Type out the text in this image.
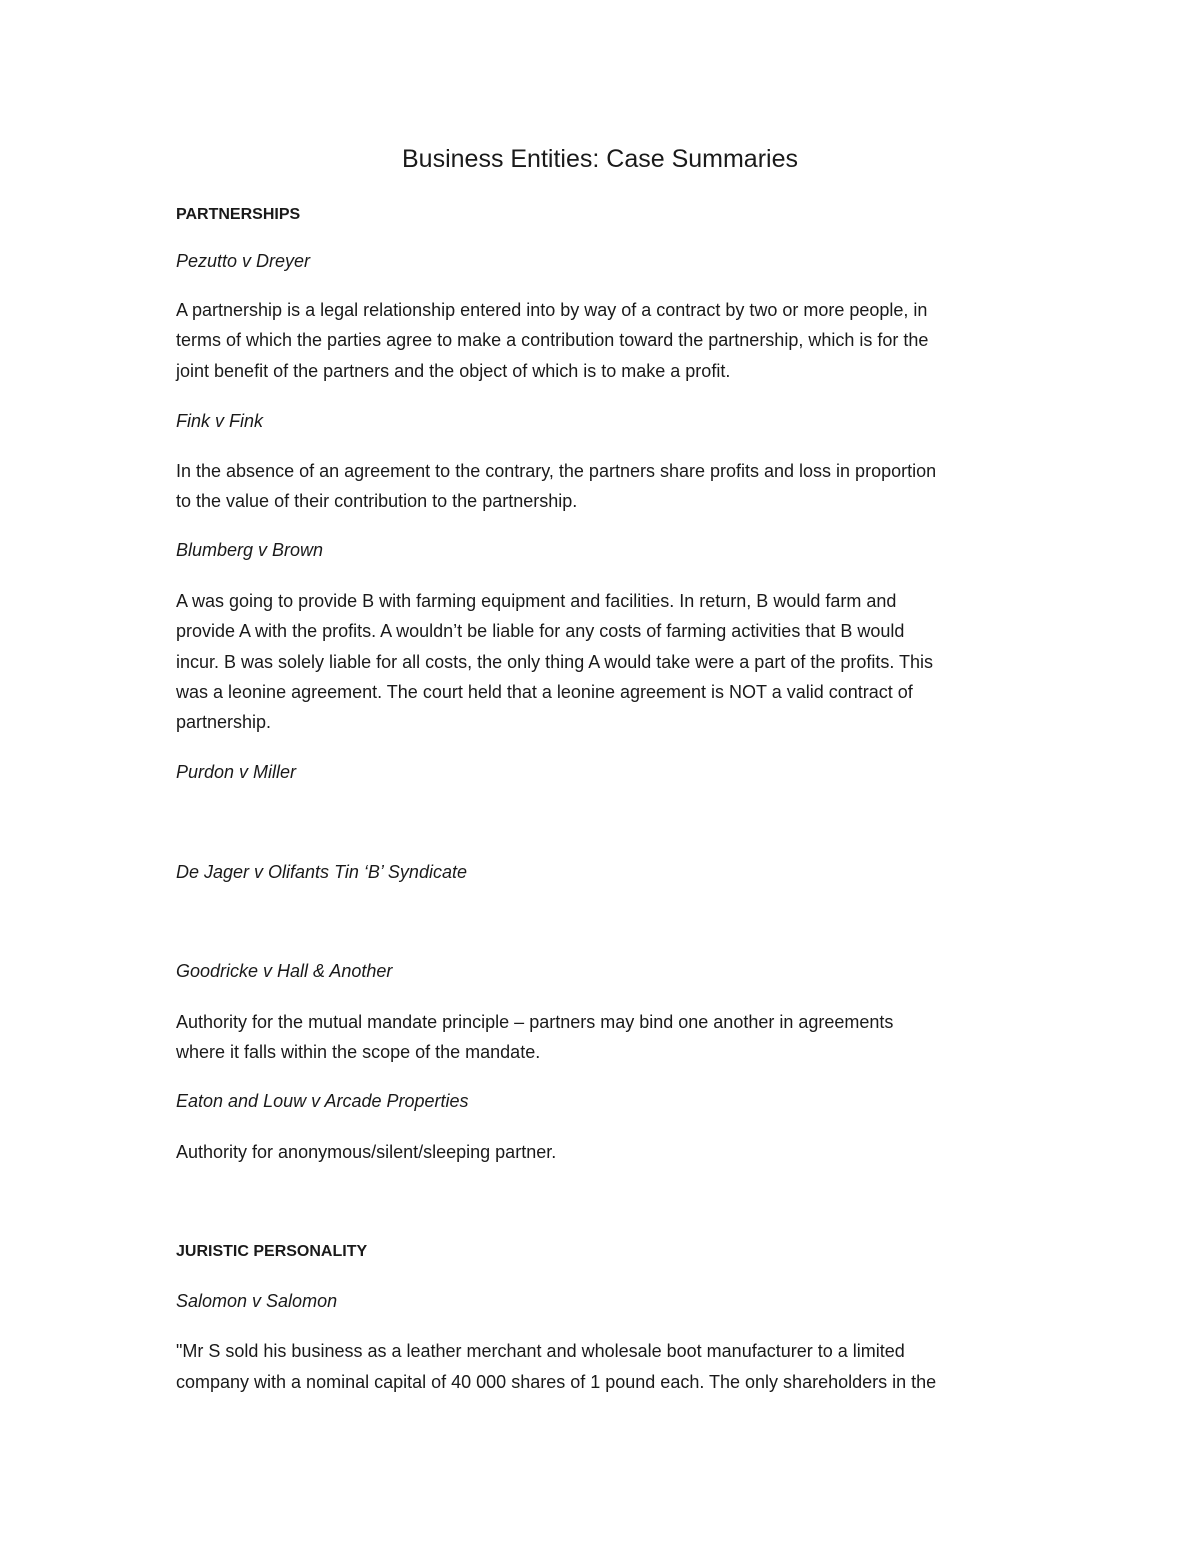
Business Entities: Case Summaries
PARTNERSHIPS
Pezutto v Dreyer
A partnership is a legal relationship entered into by way of a contract by two or more people, in
terms of which the parties agree to make a contribution toward the partnership, which is for the
joint benefit of the partners and the object of which is to make a profit.
Fink v Fink
In the absence of an agreement to the contrary, the partners share profits and loss in proportion
to the value of their contribution to the partnership.
Blumberg v Brown
A was going to provide B with farming equipment and facilities. In return, B would farm and
provide A with the profits. A wouldn’t be liable for any costs of farming activities that B would
incur. B was solely liable for all costs, the only thing A would take were a part of the profits. This
was a leonine agreement. The court held that a leonine agreement is NOT a valid contract of
partnership.
Purdon v Miller
De Jager v Olifants Tin ‘B’ Syndicate
Goodricke v Hall & Another
Authority for the mutual mandate principle – partners may bind one another in agreements
where it falls within the scope of the mandate.
Eaton and Louw v Arcade Properties
Authority for anonymous/silent/sleeping partner.
JURISTIC PERSONALITY
Salomon v Salomon
"Mr S sold his business as a leather merchant and wholesale boot manufacturer to a limited
company with a nominal capital of 40 000 shares of 1 pound each. The only shareholders in the
